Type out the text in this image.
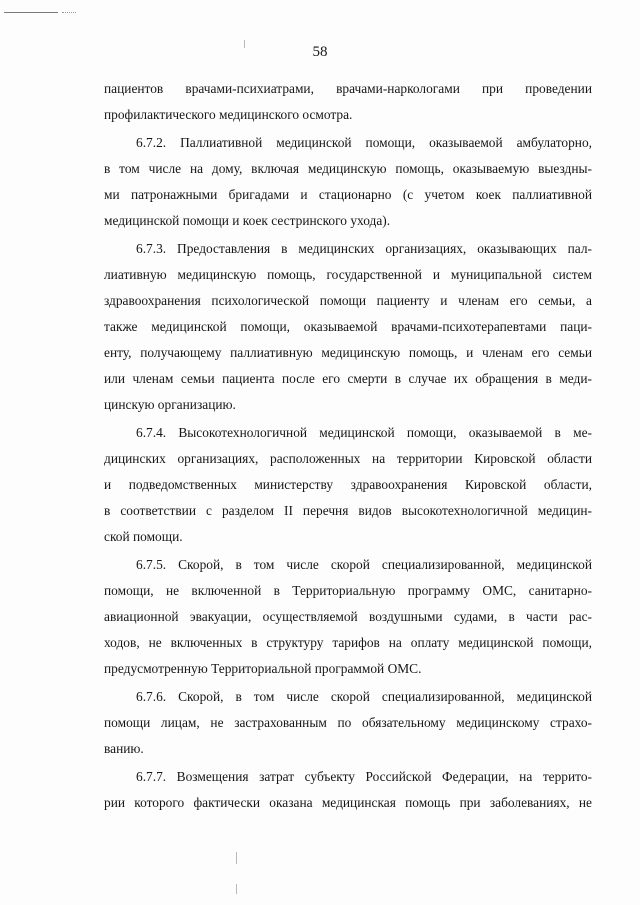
58
пациентов врачами-психиатрами, врачами-наркологами при проведении
профилактического медицинского осмотра.
6.7.2. Паллиативной медицинской помощи, оказываемой амбулаторно,
в том числе на дому, включая медицинскую помощь, оказываемую выездны-
ми патронажными бригадами и стационарно (с учетом коек паллиативной
медицинской помощи и коек сестринского ухода).
6.7.3. Предоставления в медицинских организациях, оказывающих пал-
лиативную медицинскую помощь, государственной и муниципальной систем
здравоохранения психологической помощи пациенту и членам его семьи, а
также медицинской помощи, оказываемой врачами-психотерапевтами паци-
енту, получающему паллиативную медицинскую помощь, и членам его семьи
или членам семьи пациента после его смерти в случае их обращения в меди-
цинскую организацию.
6.7.4. Высокотехнологичной медицинской помощи, оказываемой в ме-
дицинских организациях, расположенных на территории Кировской области
и подведомственных министерству здравоохранения Кировской области,
в соответствии с разделом II перечня видов высокотехнологичной медицин-
ской помощи.
6.7.5. Скорой, в том числе скорой специализированной, медицинской
помощи, не включенной в Территориальную программу ОМС, санитарно-
авиационной эвакуации, осуществляемой воздушными судами, в части рас-
ходов, не включенных в структуру тарифов на оплату медицинской помощи,
предусмотренную Территориальной программой ОМС.
6.7.6. Скорой, в том числе скорой специализированной, медицинской
помощи лицам, не застрахованным по обязательному медицинскому страхо-
ванию.
6.7.7. Возмещения затрат субъекту Российской Федерации, на террито-
рии которого фактически оказана медицинская помощь при заболеваниях, не
